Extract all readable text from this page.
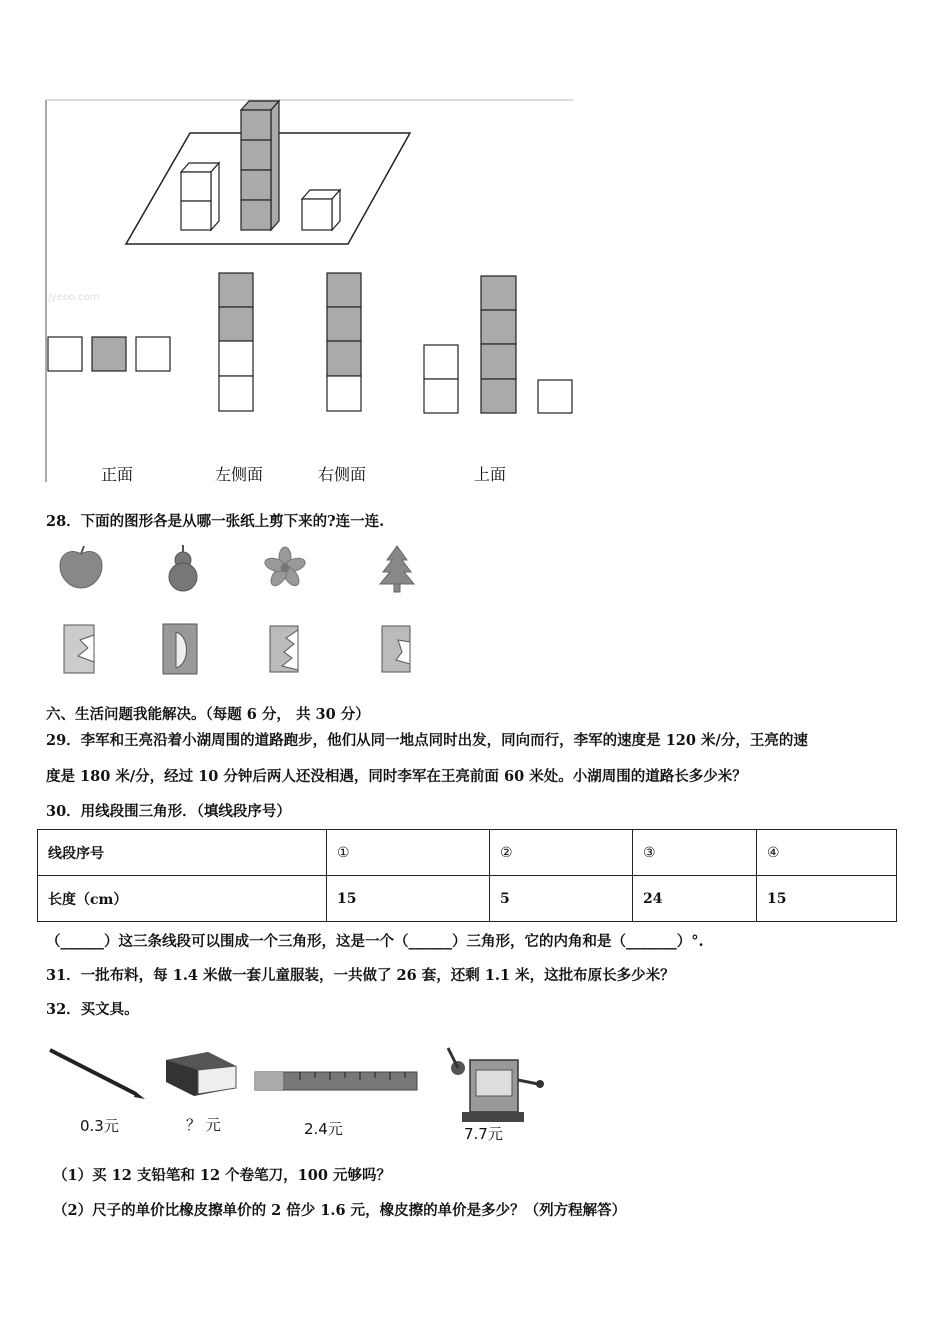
jyeoo.com
正面	左侧面	右侧面	上面
28．下面的图形各是从哪一张纸上剪下来的?连一连.
六、生活问题我能解决。（每题 6 分， 共 30 分）
29．李军和王亮沿着小湖周围的道路跑步，他们从同一地点同时出发，同向而行，李军的速度是 120 米/分，王亮的速
度是 180 米/分，经过 10 分钟后两人还没相遇，同时李军在王亮前面 60 米处。小湖周围的道路长多少米？
30．用线段围三角形．（填线段序号）
线段序号	①	②	③	④
长度（cm）	15	5	24	15
（______）这三条线段可以围成一个三角形，这是一个（______）三角形，它的内角和是（_______）°.
31．一批布料，每 1.4 米做一套儿童服装，一共做了 26 套，还剩 1.1 米，这批布原长多少米？
32．买文具。
0.3元	？ 元	2.4元	7.7元
（1）买 12 支铅笔和 12 个卷笔刀，100 元够吗？
（2）尺子的单价比橡皮擦单价的 2 倍少 1.6 元，橡皮擦的单价是多少？（列方程解答）
